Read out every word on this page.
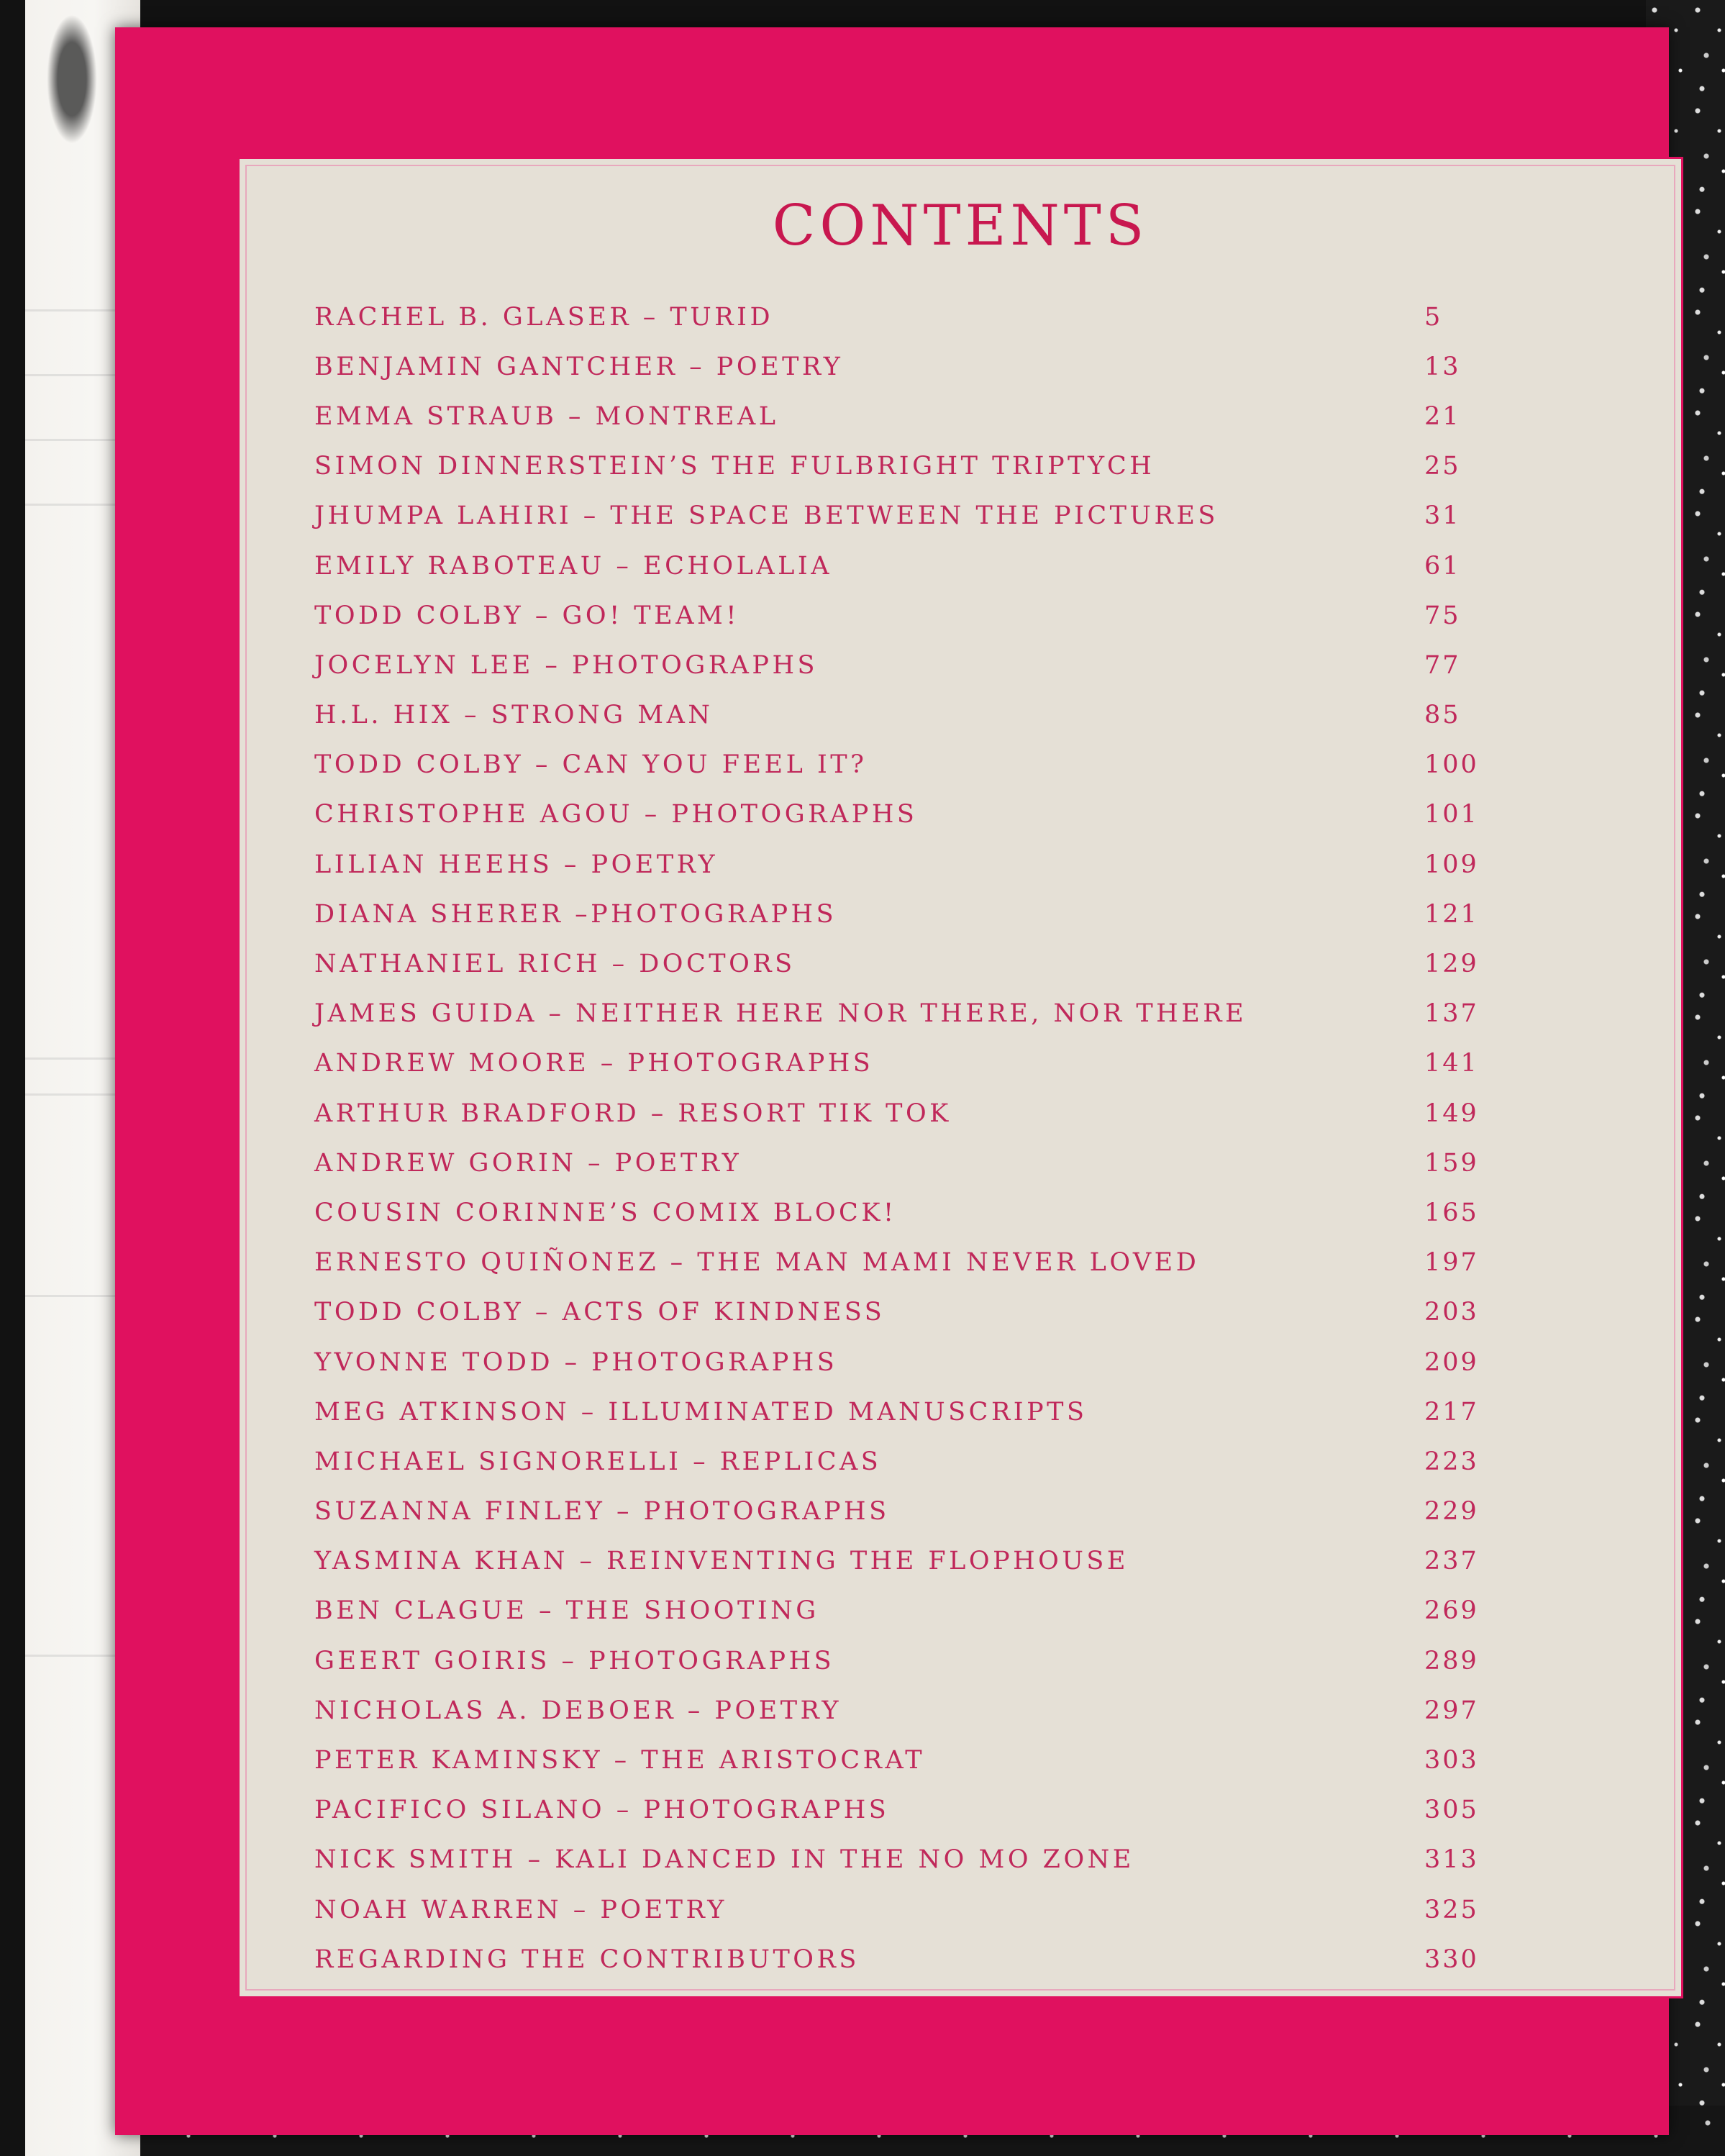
CONTENTS
RACHEL B. GLASER – TURID	5
BENJAMIN GANTCHER – POETRY	13
EMMA STRAUB – MONTREAL	21
SIMON DINNERSTEIN’S THE FULBRIGHT TRIPTYCH	25
JHUMPA LAHIRI – THE SPACE BETWEEN THE PICTURES	31
EMILY RABOTEAU – ECHOLALIA	61
TODD COLBY – GO! TEAM!	75
JOCELYN LEE – PHOTOGRAPHS	77
H.L. HIX – STRONG MAN	85
TODD COLBY – CAN YOU FEEL IT?	100
CHRISTOPHE AGOU – PHOTOGRAPHS	101
LILIAN HEEHS – POETRY	109
DIANA SHERER –PHOTOGRAPHS	121
NATHANIEL RICH – DOCTORS	129
JAMES GUIDA – NEITHER HERE NOR THERE, NOR THERE	137
ANDREW MOORE – PHOTOGRAPHS	141
ARTHUR BRADFORD – RESORT TIK TOK	149
ANDREW GORIN – POETRY	159
COUSIN CORINNE’S COMIX BLOCK!	165
ERNESTO QUIÑONEZ – THE MAN MAMI NEVER LOVED	197
TODD COLBY – ACTS OF KINDNESS	203
YVONNE TODD – PHOTOGRAPHS	209
MEG ATKINSON – ILLUMINATED MANUSCRIPTS	217
MICHAEL SIGNORELLI – REPLICAS	223
SUZANNA FINLEY – PHOTOGRAPHS	229
YASMINA KHAN – REINVENTING THE FLOPHOUSE	237
BEN CLAGUE – THE SHOOTING	269
GEERT GOIRIS – PHOTOGRAPHS	289
NICHOLAS A. DEBOER – POETRY	297
PETER KAMINSKY – THE ARISTOCRAT	303
PACIFICO SILANO – PHOTOGRAPHS	305
NICK SMITH – KALI DANCED IN THE NO MO ZONE	313
NOAH WARREN – POETRY	325
REGARDING THE CONTRIBUTORS	330
